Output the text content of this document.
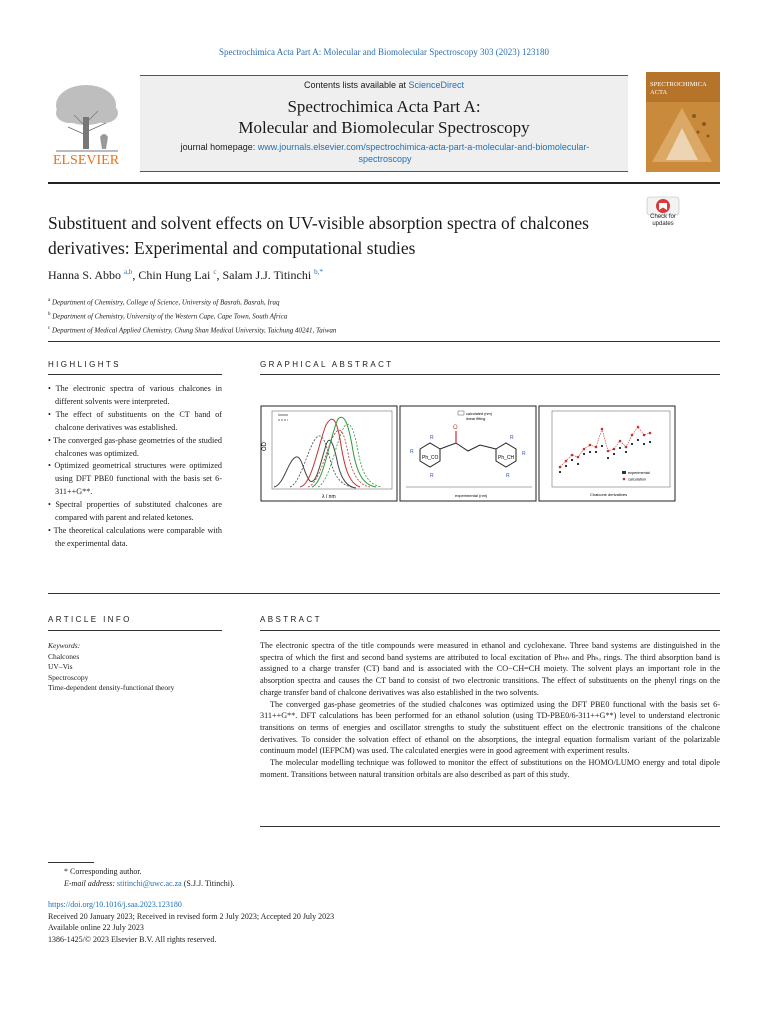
Spectrochimica Acta Part A: Molecular and Biomolecular Spectroscopy 303 (2023) 123180
ELSEVIER
Contents lists available at ScienceDirect
Spectrochimica Acta Part A:
Molecular and Biomolecular Spectroscopy
journal homepage: www.journals.elsevier.com/spectrochimica-acta-part-a-molecular-and-biomolecular-spectroscopy
SPECTROCHIMICA
ACTA
Check for updates
Substituent and solvent effects on UV-visible absorption spectra of chalcones derivatives: Experimental and computational studies
Hanna S. Abbo $^{a,b}$, Chin Hung Lai $^c$, Salam J.J. Titinchi $^{b,*}$
$^a$ Department of Chemistry, College of Science, University of Basrah, Basrah, Iraq
$^b$ Department of Chemistry, University of the Western Cape, Cape Town, South Africa
$^c$ Department of Medical Applied Chemistry, Chung Shan Medical University, Taichung 40241, Taiwan
HIGHLIGHTS
• The electronic spectra of various chalcones in different solvents were interpreted.
• The effect of substituents on the CT band of chalcone derivatives was established.
• The converged gas-phase geometries of the studied chalcones was optimized.
• Optimized geometrical structures were optimized using DFT PBE0 functional with the basis set 6-311++G**.
• Spectral properties of substituted chalcones are compared with parent and related ketones.
• The theoretical calculations were comparable with the experimental data.
GRAPHICAL ABSTRACT
OD
λ / nm
calculated (nm)
linear fitting
O
Ph_CO	Ph_CH
R
R
R
R
R
R
experimental (nm)
experimental
calculation
Chalcone derivatives
ARTICLE INFO
Keywords:
Chalcones
UV–Vis
Spectroscopy
Time-dependent density-functional theory
ABSTRACT

The electronic spectra of the title compounds were measured in ethanol and cyclohexane. Three band systems are distinguished in the spectra of which the first and second band systems are attributed to local excitation of Phₕₕ and Phₕₒ rings. The third absorption band is assigned to a charge transfer (CT) band and is associated with the CO−CH=CH moiety. The solvent plays an important role in the absorption spectra and causes the CT band to consist of two electronic transitions. The effect of substituents on the phenyl rings on the charge transfer band of chalcone derivatives was also established in the two solvents.

The converged gas-phase geometries of the studied chalcones was optimized using the DFT PBE0 functional with the basis set 6-311++G**. DFT calculations has been performed for an ethanol solution (using TD-PBE0/6-311++G**) level to understand electronic transitions on terms of energies and oscillator strengths to study the substituent effect on the electronic transitions of the chalcone derivatives. To consider the solvation effect of ethanol on the absorptions, the integral equation formalism variant of the polarizable continuum model (IEFPCM) was used. The calculated energies were in good agreement with experiment results.

The molecular modelling technique was followed to monitor the effect of substitutions on the HOMO/LUMO energy and total dipole moment. Transitions between natural transition orbitals are also described as part of this study.

* Corresponding author.
E-mail address: stitinchi@uwc.ac.za (S.J.J. Titinchi).
https://doi.org/10.1016/j.saa.2023.123180
Received 20 January 2023; Received in revised form 2 July 2023; Accepted 20 July 2023
Available online 22 July 2023
1386-1425/© 2023 Elsevier B.V. All rights reserved.
